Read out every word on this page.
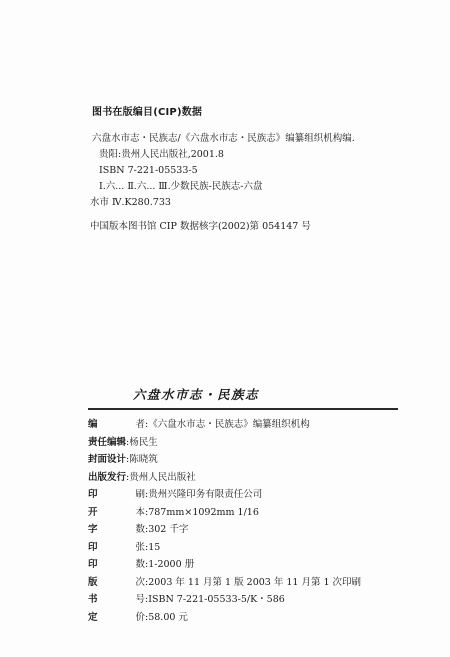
图书在版编目(CIP)数据
六盘水市志・民族志/《六盘水市志・民族志》编纂组织机构编.
贵阳:贵州人民出版社,2001.8
ISBN 7-221-05533-5
Ⅰ.六... Ⅱ.六... Ⅲ.少数民族-民族志-六盘
水市 Ⅳ.K280.733
中国版本图书馆 CIP 数据核字(2002)第 054147 号
六盘水市志・民族志
编	者:《六盘水市志・民族志》编纂组织机构
责任编辑 :杨民生
封面设计 :陈晓筑
出版发行 :贵州人民出版社
印	刷:贵州兴隆印务有限责任公司
开	本:787mm×1092mm 1/16
字	数:302 千字
印	张:15
印	数:1-2000 册
版	次:2003 年 11 月第 1 版 2003 年 11 月第 1 次印刷
书	号:ISBN 7-221-05533-5/K・586
定	价:58.00 元
